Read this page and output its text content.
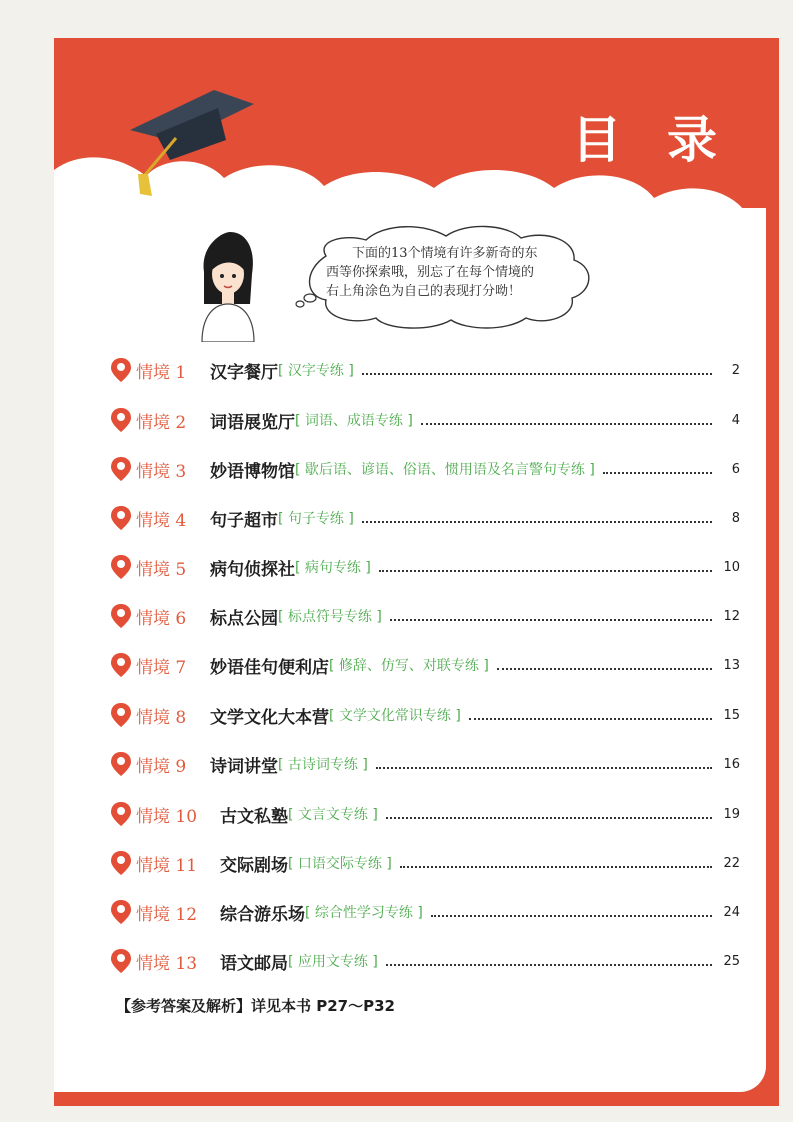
目 录
下面的13个情境有许多新奇的东
西等你探索哦，别忘了在每个情境的
右上角涂色为自己的表现打分呦！
情境 1	汉字餐厅 [ 汉字专练 ]	2
情境 2	词语展览厅 [ 词语、成语专练 ]	4
情境 3	妙语博物馆 [ 歇后语、谚语、俗语、惯用语及名言警句专练 ]	6
情境 4	句子超市 [ 句子专练 ]	8
情境 5	病句侦探社 [ 病句专练 ]	10
情境 6	标点公园 [ 标点符号专练 ]	12
情境 7	妙语佳句便利店 [ 修辞、仿写、对联专练 ]	13
情境 8	文学文化大本营 [ 文学文化常识专练 ]	15
情境 9	诗词讲堂 [ 古诗词专练 ]	16
情境 10	古文私塾 [ 文言文专练 ]	19
情境 11	交际剧场 [ 口语交际专练 ]	22
情境 12	综合游乐场 [ 综合性学习专练 ]	24
情境 13	语文邮局 [ 应用文专练 ]	25
【参考答案及解析】详见本书 P27～P32
